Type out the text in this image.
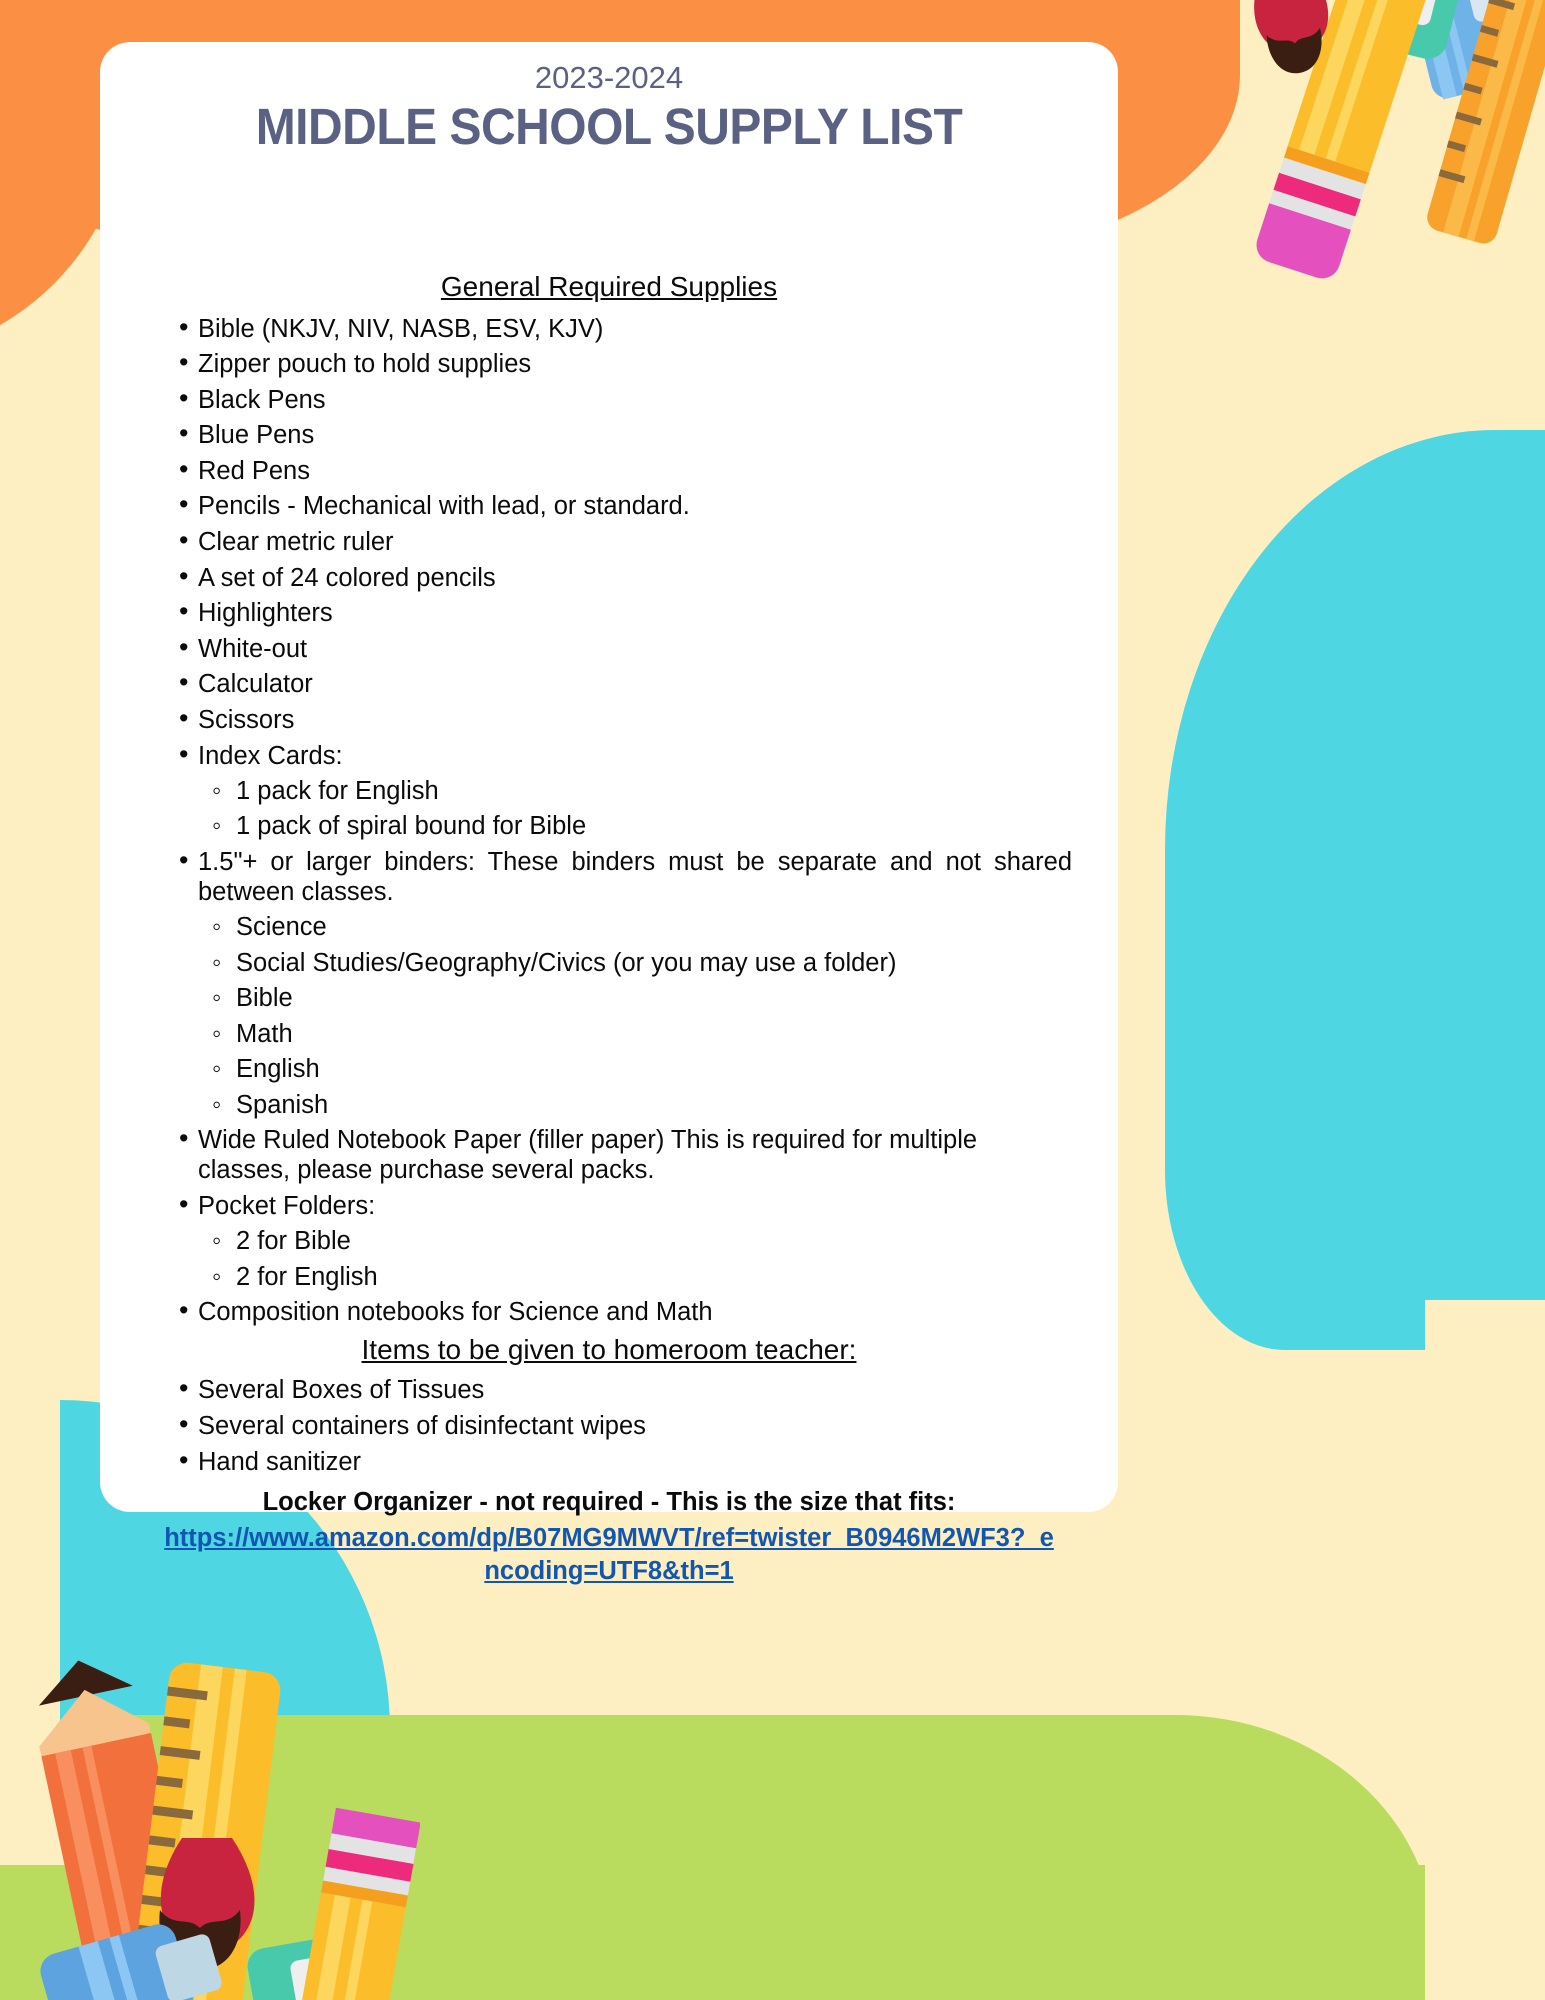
2023-2024
MIDDLE SCHOOL SUPPLY LIST
General Required Supplies
• Bible (NKJV, NIV, NASB, ESV, KJV)
• Zipper pouch to hold supplies
• Black Pens
• Blue Pens
• Red Pens
• Pencils - Mechanical with lead, or standard.
• Clear metric ruler
• A set of 24 colored pencils
• Highlighters
• White-out
• Calculator
• Scissors
• Index Cards:
◦ 1 pack for English
◦ 1 pack of spiral bound for Bible
• 1.5"+ or larger binders: These binders must be separate and not shared between classes.
◦ Science
◦ Social Studies/Geography/Civics (or you may use a folder)
◦ Bible
◦ Math
◦ English
◦ Spanish
• Wide Ruled Notebook Paper (filler paper) This is required for multiple classes, please purchase several packs.
• Pocket Folders:
◦ 2 for Bible
◦ 2 for English
• Composition notebooks for Science and Math
Items to be given to homeroom teacher:
• Several Boxes of Tissues
• Several containers of disinfectant wipes
• Hand sanitizer
Locker Organizer - not required - This is the size that fits:
https://www.amazon.com/dp/B07MG9MWVT/ref=twister_B0946M2WF3?_encoding=UTF8&th=1
